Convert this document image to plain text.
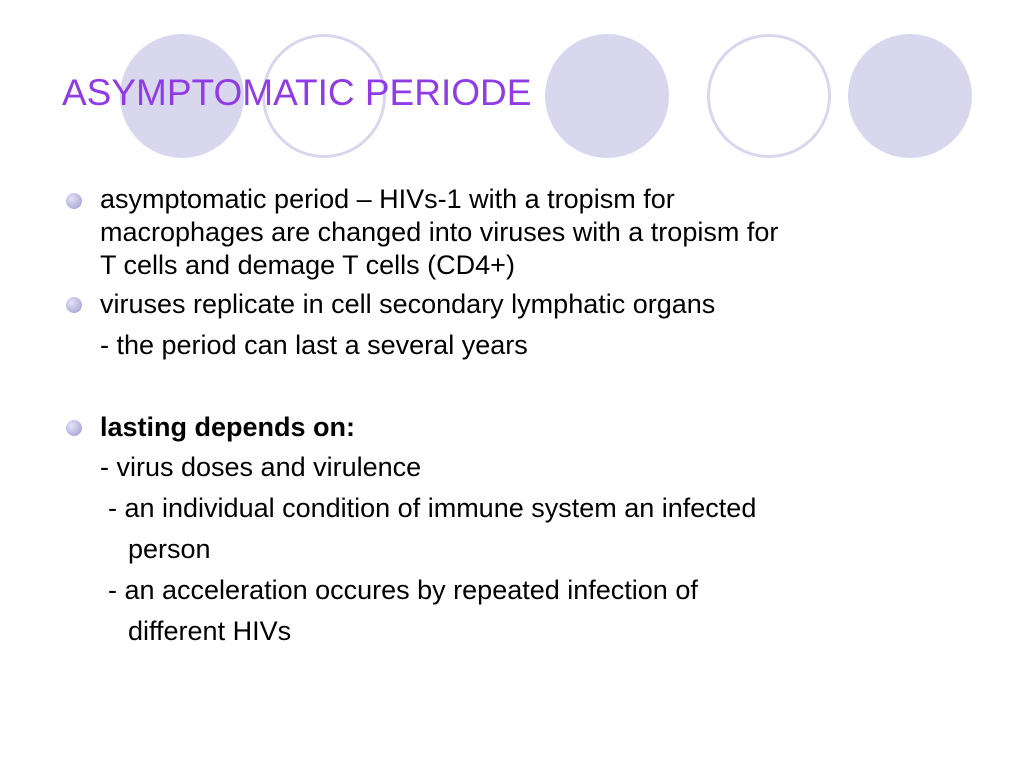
ASYMPTOMATIC PERIODE

asymptomatic period – HIVs-1 with a tropism for

macrophages are changed into viruses with a tropism for

T cells and demage T cells (CD4+)

viruses replicate in cell secondary lymphatic organs

- the period can last a several years

lasting depends on:

- virus doses and virulence

- an individual condition of immune system an infected

person

- an acceleration occures by repeated infection of

different HIVs
